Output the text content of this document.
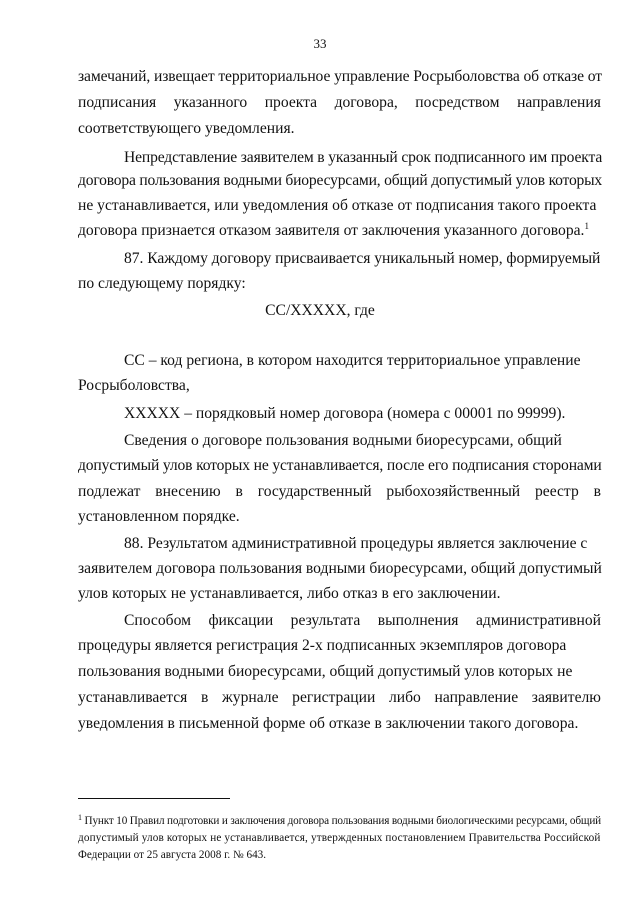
33
замечаний, извещает территориальное управление Росрыболовства об отказе от
подписания указанного проекта договора, посредством направления
соответствующего уведомления.
Непредставление заявителем в указанный срок подписанного им проекта
договора пользования водными биоресурсами, общий допустимый улов которых
не устанавливается, или уведомления об отказе от подписания такого проекта
договора признается отказом заявителя от заключения указанного договора.$^1$
87. Каждому договору присваивается уникальный номер, формируемый
по следующему порядку:
СС/ХХХХХ, где
СС – код региона, в котором находится территориальное управление
Росрыболовства,
ХХХХХ – порядковый номер договора (номера с 00001 по 99999).
Сведения о договоре пользования водными биоресурсами, общий
допустимый улов которых не устанавливается, после его подписания сторонами
подлежат внесению в государственный рыбохозяйственный реестр в
установленном порядке.
88. Результатом административной процедуры является заключение с
заявителем договора пользования водными биоресурсами, общий допустимый
улов которых не устанавливается, либо отказ в его заключении.
Способом фиксации результата выполнения административной
процедуры является регистрация 2-х подписанных экземпляров договора
пользования водными биоресурсами, общий допустимый улов которых не
устанавливается в журнале регистрации либо направление заявителю
уведомления в письменной форме об отказе в заключении такого договора.
$^1$ Пункт 10 Правил подготовки и заключения договора пользования водными биологическими ресурсами, общий
допустимый улов которых не устанавливается, утвержденных постановлением Правительства Российской
Федерации от 25 августа 2008 г. № 643.
